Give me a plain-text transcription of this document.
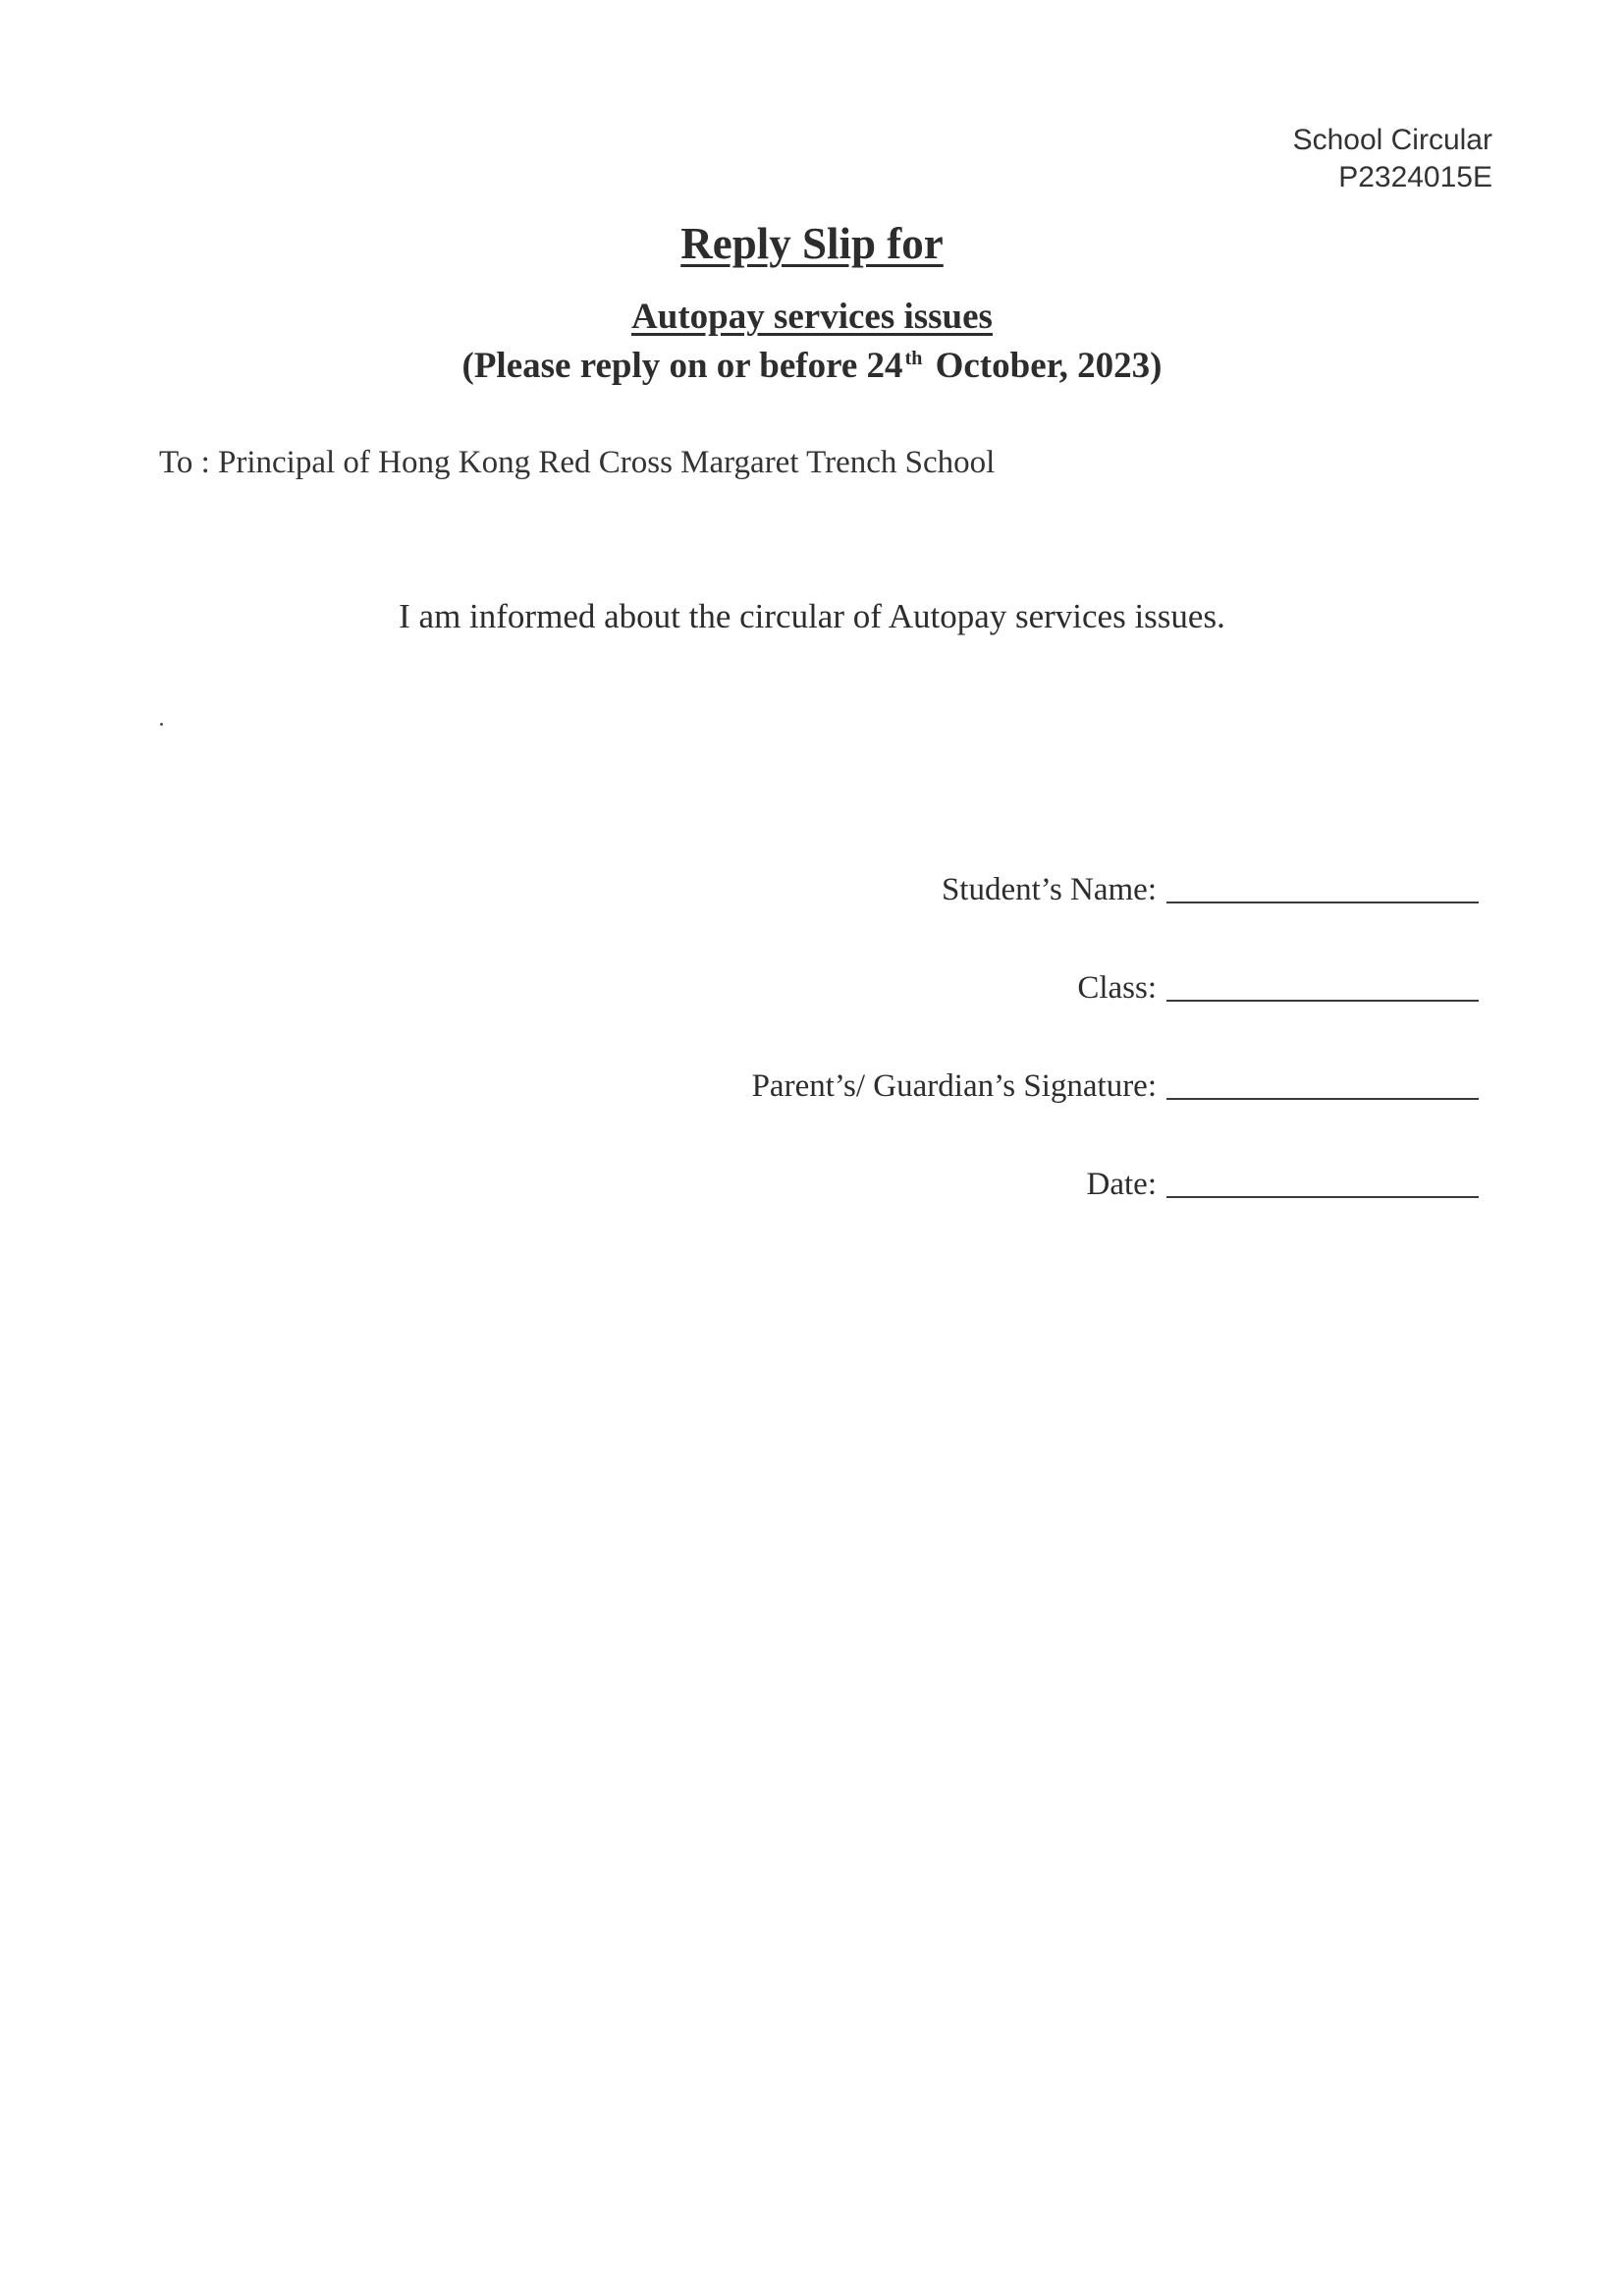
School Circular
P2324015E
Reply Slip for
Autopay services issues
(Please reply on or before 24 $^{th}$ October, 2023)
To : Principal of Hong Kong Red Cross Margaret Trench School
I am informed about the circular of Autopay services issues.
Student’s Name:
Class:
Parent’s/ Guardian’s Signature:
Date:
